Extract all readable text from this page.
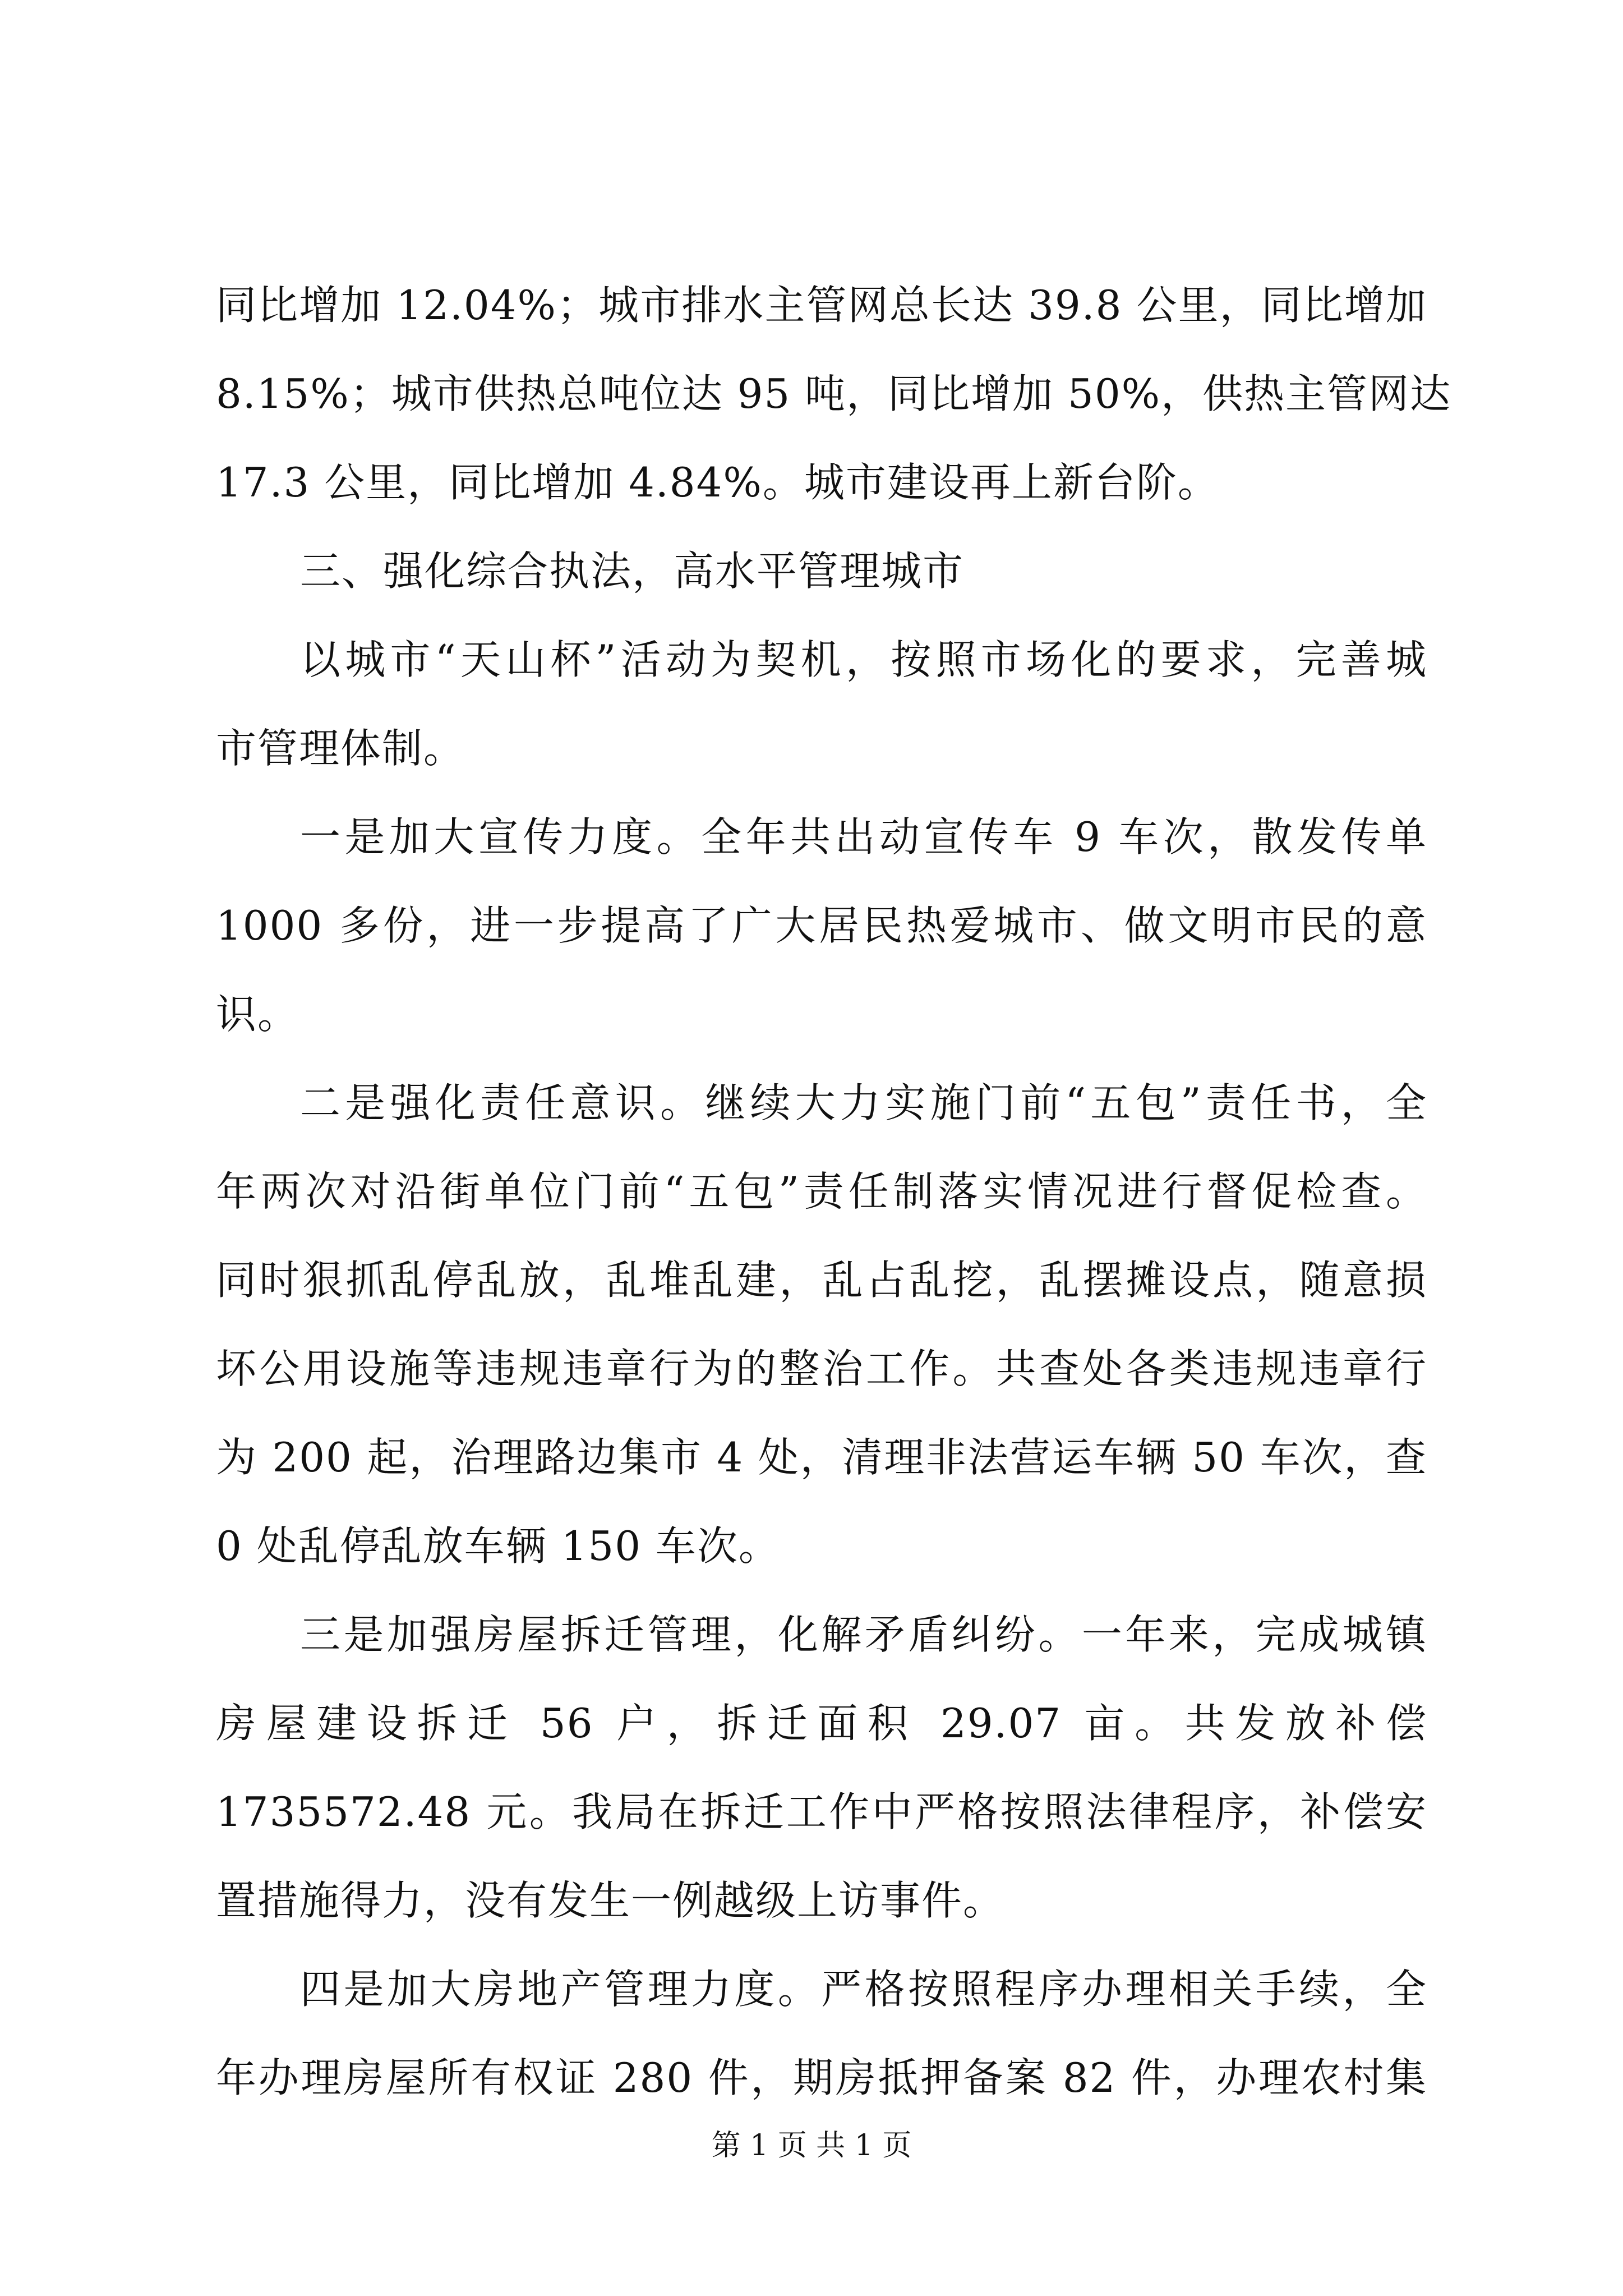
同比增加 12.04%；城市排水主管网总长达 39.8 公里，同比增加
8.15%；城市供热总吨位达 95 吨，同比增加 50%，供热主管网达
17.3 公里，同比增加 4.84%。城市建设再上新台阶。
三、强化综合执法，高水平管理城市
以城市“天山杯”活动为契机，按照市场化的要求，完善城
市管理体制。
一是加大宣传力度。全年共出动宣传车 9 车次，散发传单
1000 多份，进一步提高了广大居民热爱城市、做文明市民的意
识。
二是强化责任意识。继续大力实施门前“五包”责任书，全
年两次对沿街单位门前“五包”责任制落实情况进行督促检查。
同时狠抓乱停乱放，乱堆乱建，乱占乱挖，乱摆摊设点，随意损
坏公用设施等违规违章行为的整治工作。共查处各类违规违章行
为 200 起，治理路边集市 4 处，清理非法营运车辆 50 车次，查
0 处乱停乱放车辆 150 车次。
三是加强房屋拆迁管理，化解矛盾纠纷。一年来，完成城镇
房屋建设拆迁 56 户，拆迁面积 29.07 亩。共发放补偿
1735572.48 元。我局在拆迁工作中严格按照法律程序，补偿安
置措施得力，没有发生一例越级上访事件。
四是加大房地产管理力度。严格按照程序办理相关手续，全
年办理房屋所有权证 280 件，期房抵押备案 82 件，办理农村集
第 1 页 共 1 页
